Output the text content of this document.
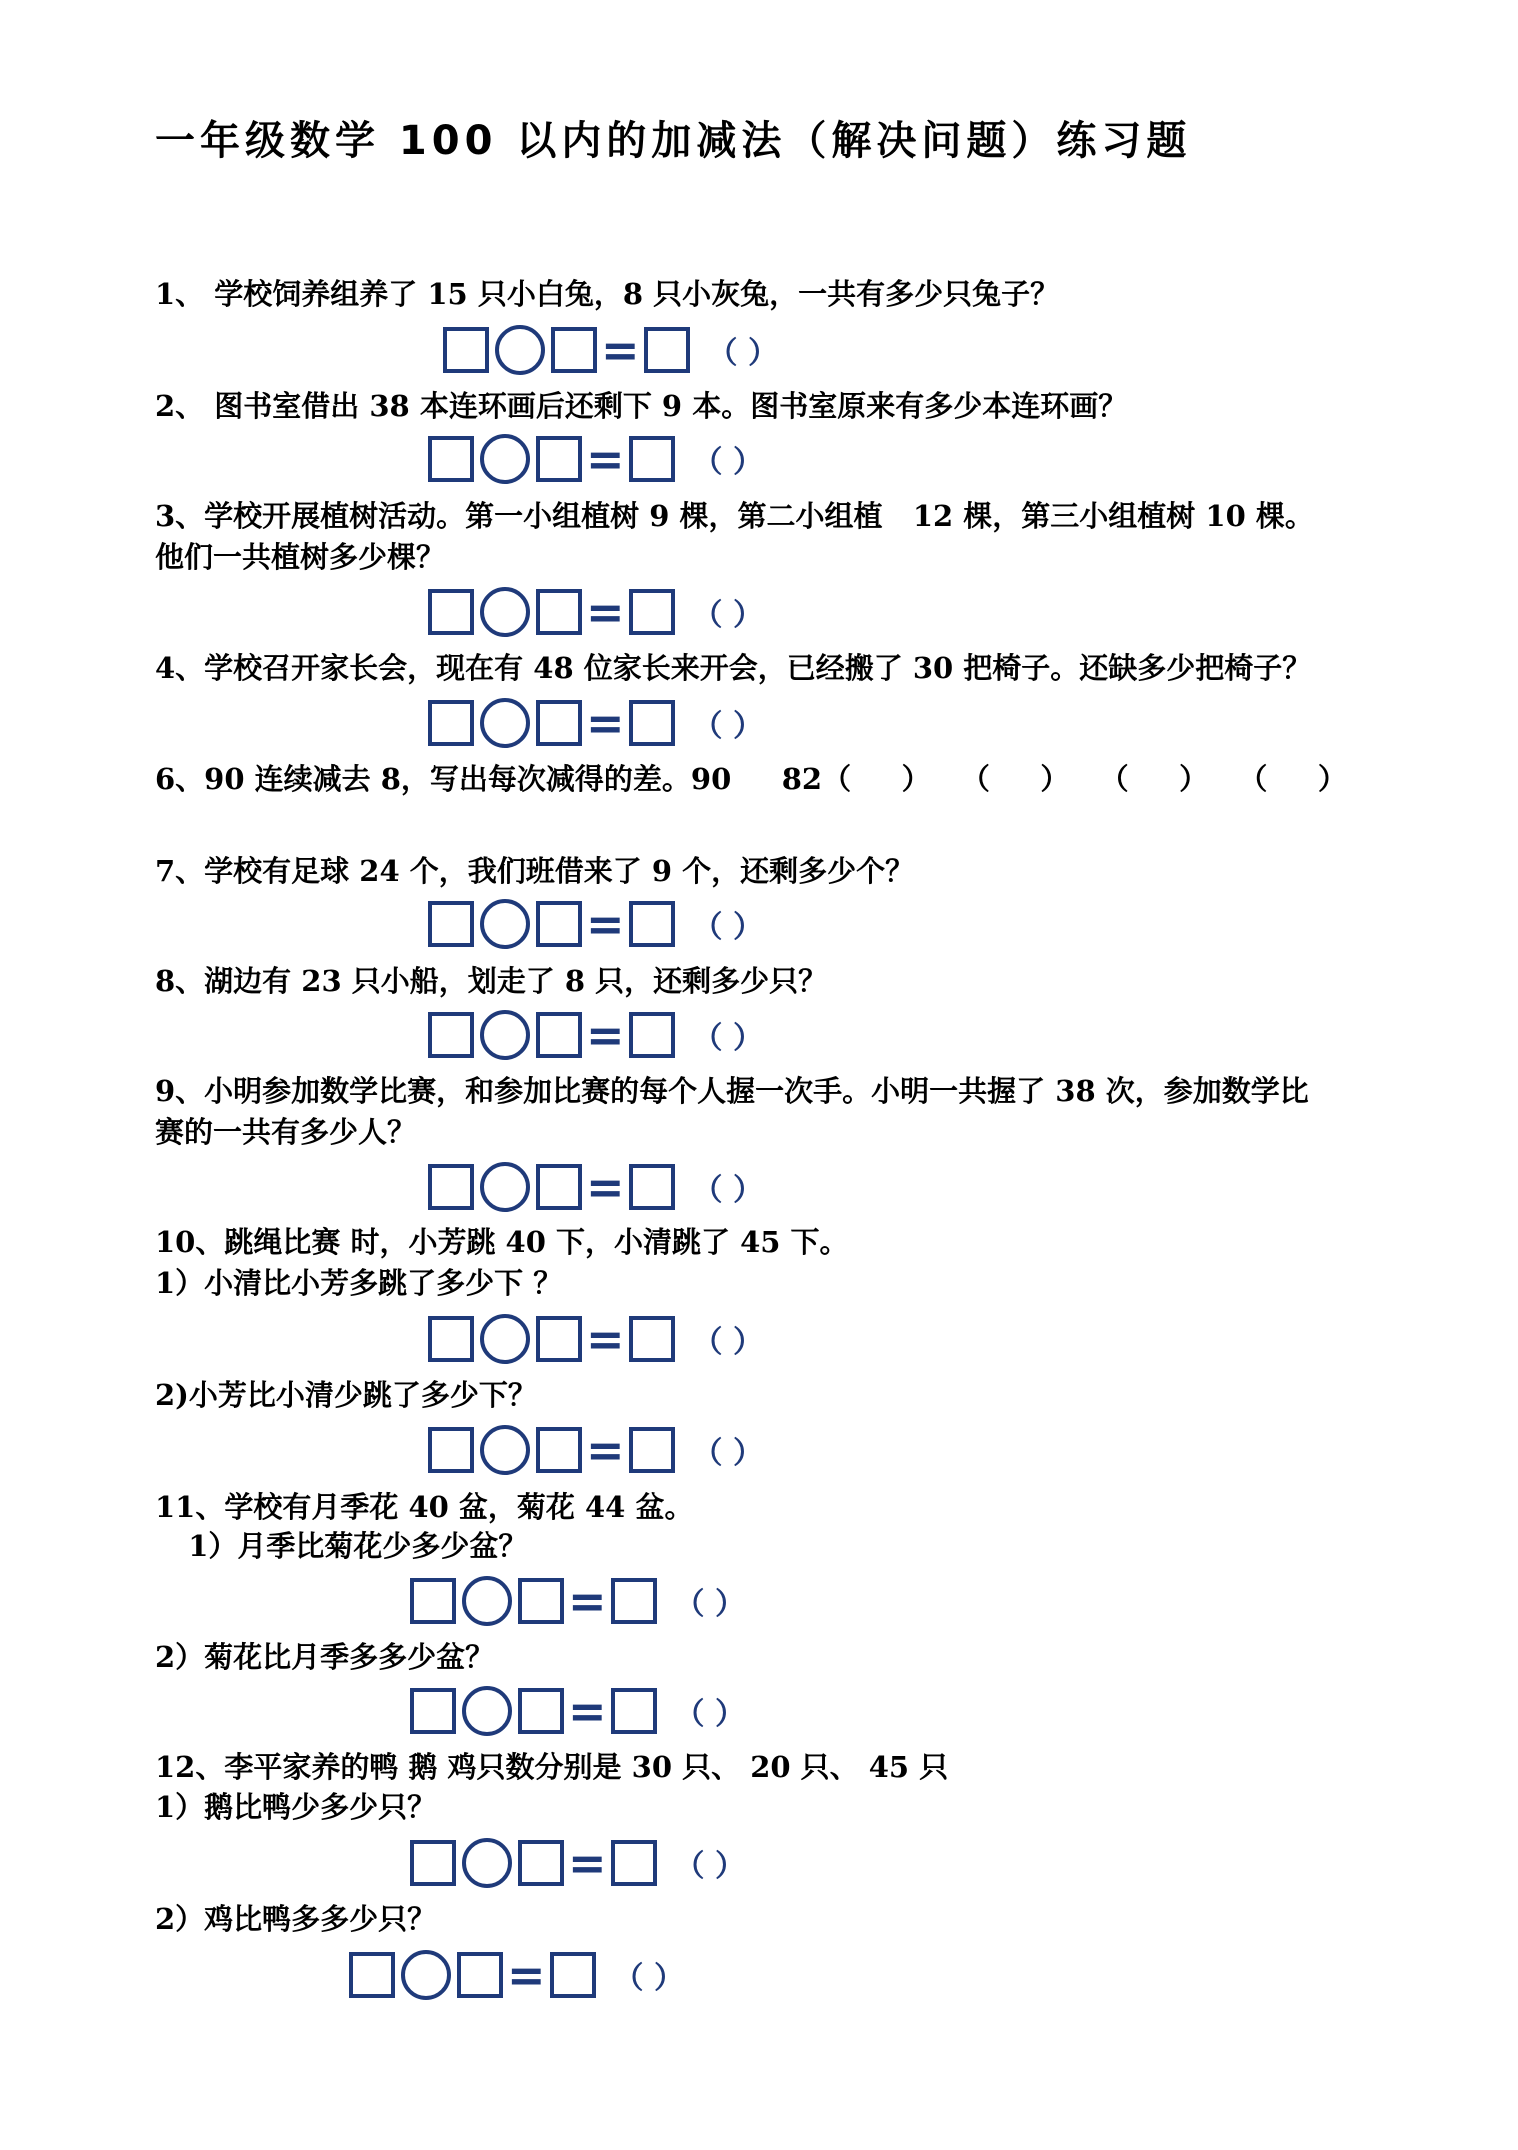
一年级数学 100 以内的加减法（解决问题）练习题

1、 学校饲养组养了 15 只小白兔，8 只小灰兔，一共有多少只兔子？

= （ ）

2、 图书室借出 38 本连环画后还剩下 9 本。图书室原来有多少本连环画？

= （ ）

3、学校开展植树活动。第一小组植树 9 棵，第二小组植   12 棵，第三小组植树 10 棵。

他们一共植树多少棵？

= （ ）

4、学校召开家长会，现在有 48 位家长来开会，已经搬了 30 把椅子。还缺多少把椅子？

= （ ）

6、90 连续减去 8，写出每次减得的差。90     82（     ）   （     ）   （     ）   （     ）

7、学校有足球 24 个，我们班借来了 9 个，还剩多少个？

= （ ）

8、湖边有 23 只小船，划走了 8 只，还剩多少只？

= （ ）

9、小明参加数学比赛，和参加比赛的每个人握一次手。小明一共握了 38 次，参加数学比

赛的一共有多少人？

= （ ）

10、跳绳比赛 时，小芳跳 40 下，小清跳了 45 下。

1）小清比小芳多跳了多少下 ？

= （ ）

2)小芳比小清少跳了多少下？

= （ ）

11、学校有月季花 40 盆，菊花 44 盆。

1）月季比菊花少多少盆？

= （ ）

2）菊花比月季多多少盆？

= （ ）

12、李平家养的鸭 鹅 鸡只数分别是 30 只、 20 只、 45 只

1）鹅比鸭少多少只？

= （ ）

2）鸡比鸭多多少只？

= （ ）
